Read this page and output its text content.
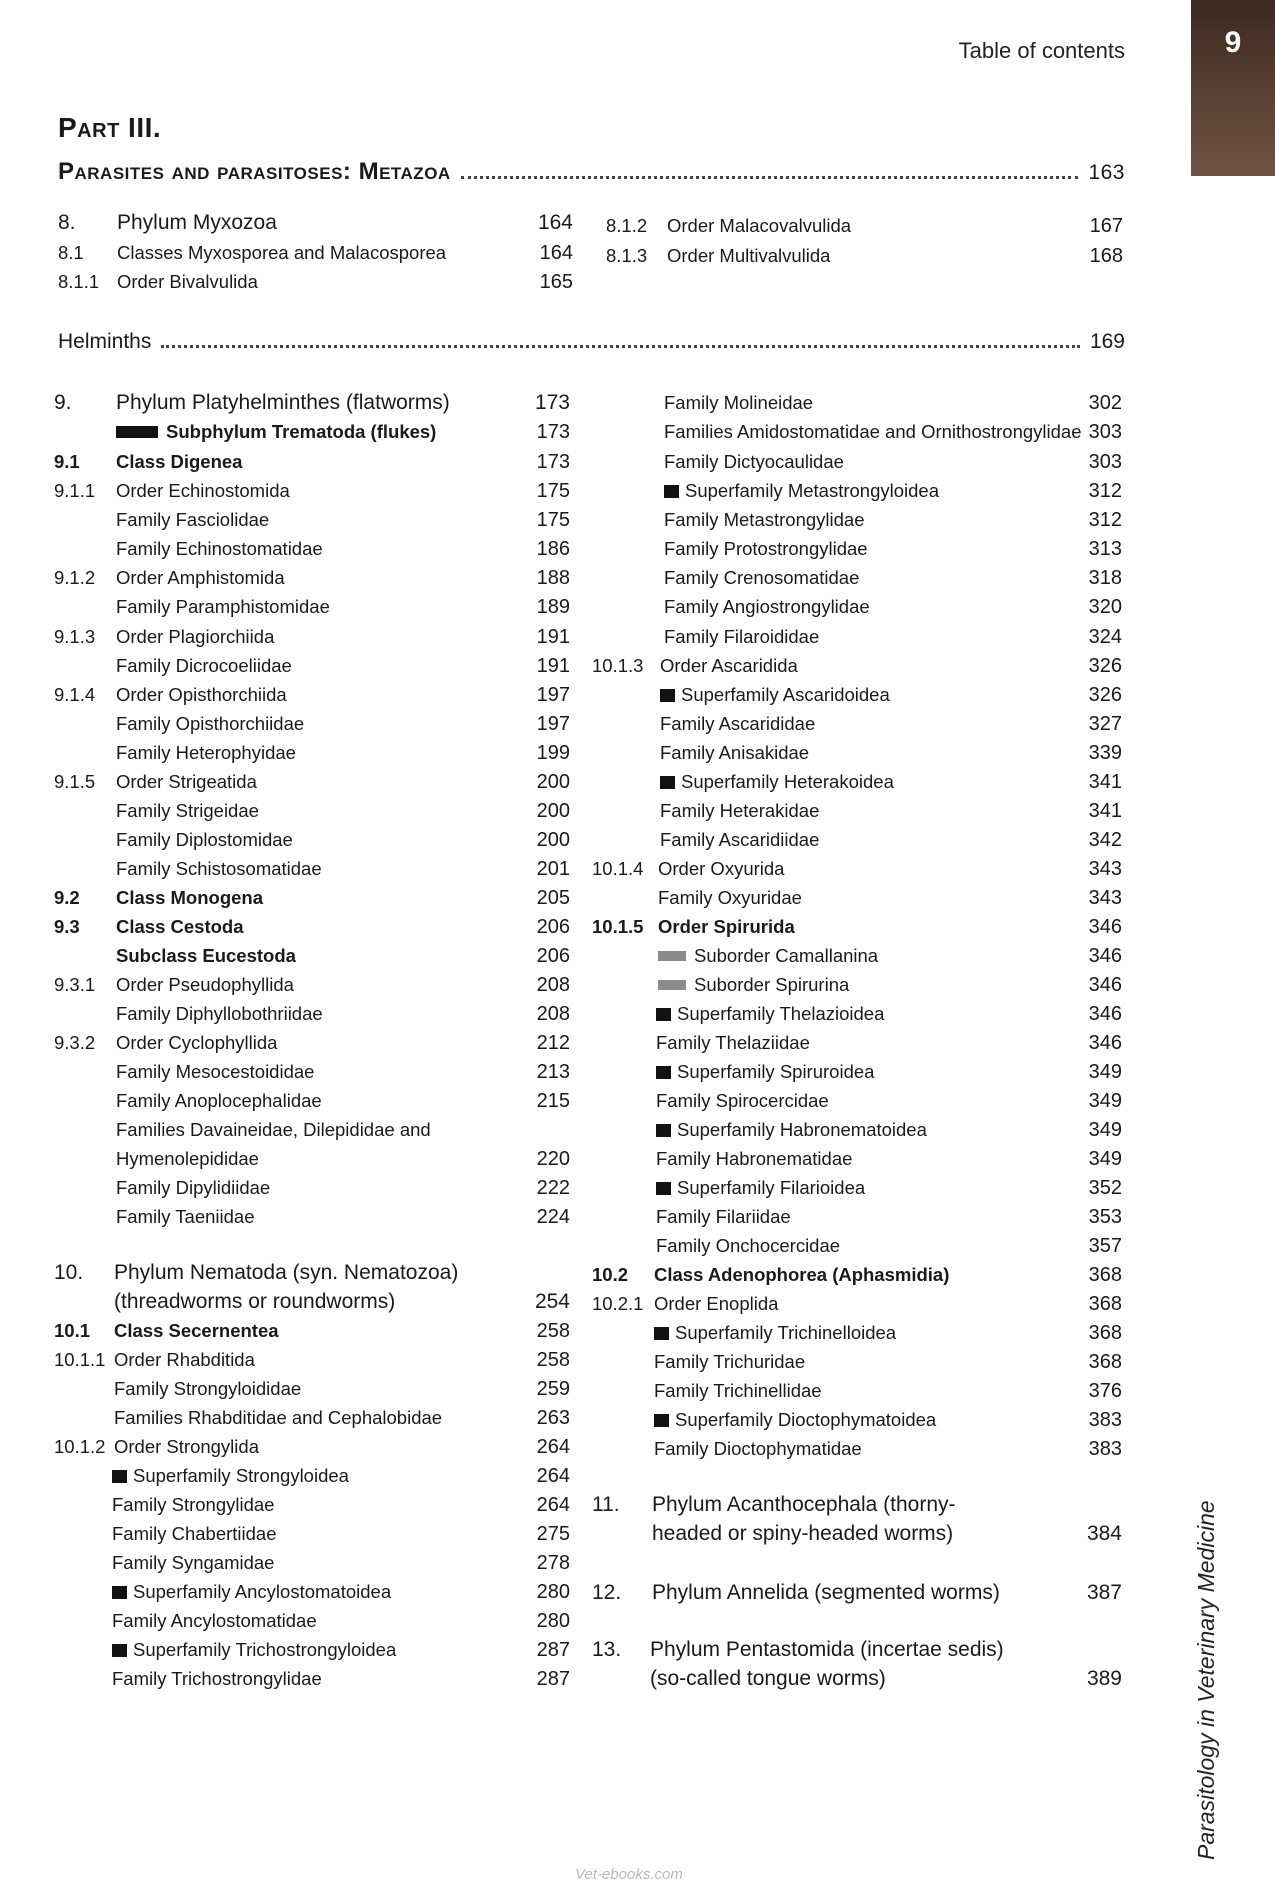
Table of contents	9
Part III.
Parasites and parasitoses: Metazoa	163
8. Phylum Myxozoa	164
8.1 Classes Myxosporea and Malacosporea	164
8.1.1 Order Bivalvulida	165
8.1.2 Order Malacovalvulida	167
8.1.3 Order Multivalvulida	168
Helminths	169
9. Phylum Platyhelminthes (flatworms)	173
Subphylum Trematoda (flukes)	173
9.1 Class Digenea	173
9.1.1 Order Echinostomida	175
Family Fasciolidae	175
Family Echinostomatidae	186
9.1.2 Order Amphistomida	188
Family Paramphistomidae	189
9.1.3 Order Plagiorchiida	191
Family Dicrocoeliidae	191
9.1.4 Order Opisthorchiida	197
Family Opisthorchiidae	197
Family Heterophyidae	199
9.1.5 Order Strigeatida	200
Family Strigeidae	200
Family Diplostomidae	200
Family Schistosomatidae	201
9.2 Class Monogena	205
9.3 Class Cestoda	206
Subclass Eucestoda	206
9.3.1 Order Pseudophyllida	208
Family Diphyllobothriidae	208
9.3.2 Order Cyclophyllida	212
Family Mesocestoididae	213
Family Anoplocephalidae	215
Families Davaineidae, Dilepididae and
Hymenolepididae	220
Family Dipylidiidae	222
Family Taeniidae	224
10. Phylum Nematoda (syn. Nematozoa)
(threadworms or roundworms)	254
10.1 Class Secernentea	258
10.1.1 Order Rhabditida	258
Family Strongyloididae	259
Families Rhabditidae and Cephalobidae	263
10.1.2 Order Strongylida	264
Superfamily Strongyloidea	264
Family Strongylidae	264
Family Chabertiidae	275
Family Syngamidae	278
Superfamily Ancylostomatoidea	280
Family Ancylostomatidae	280
Superfamily Trichostrongyloidea	287
Family Trichostrongylidae	287
Family Molineidae	302
Families Amidostomatidae and Ornithostrongylidae 303
Family Dictyocaulidae	303
Superfamily Metastrongyloidea	312
Family Metastrongylidae	312
Family Protostrongylidae	313
Family Crenosomatidae	318
Family Angiostrongylidae	320
Family Filaroididae	324
10.1.3 Order Ascaridida	326
Superfamily Ascaridoidea	326
Family Ascarididae	327
Family Anisakidae	339
Superfamily Heterakoidea	341
Family Heterakidae	341
Family Ascaridiidae	342
10.1.4 Order Oxyurida	343
Family Oxyuridae	343
10.1.5 Order Spirurida	346
Suborder Camallanina	346
Suborder Spirurina	346
Superfamily Thelazioidea	346
Family Thelaziidae	346
Superfamily Spiruroidea	349
Family Spirocercidae	349
Superfamily Habronematoidea	349
Family Habronematidae	349
Superfamily Filarioidea	352
Family Filariidae	353
Family Onchocercidae	357
10.2 Class Adenophorea (Aphasmidia)	368
10.2.1 Order Enoplida	368
Superfamily Trichinelloidea	368
Family Trichuridae	368
Family Trichinellidae	376
Superfamily Dioctophymatoidea	383
Family Dioctophymatidae	383
11. Phylum Acanthocephala (thorny-
headed or spiny-headed worms)	384
12. Phylum Annelida (segmented worms)	387
13. Phylum Pentastomida (incertae sedis)
(so-called tongue worms)	389	Parasitology in Veterinary Medicine
Vet-ebooks.com
